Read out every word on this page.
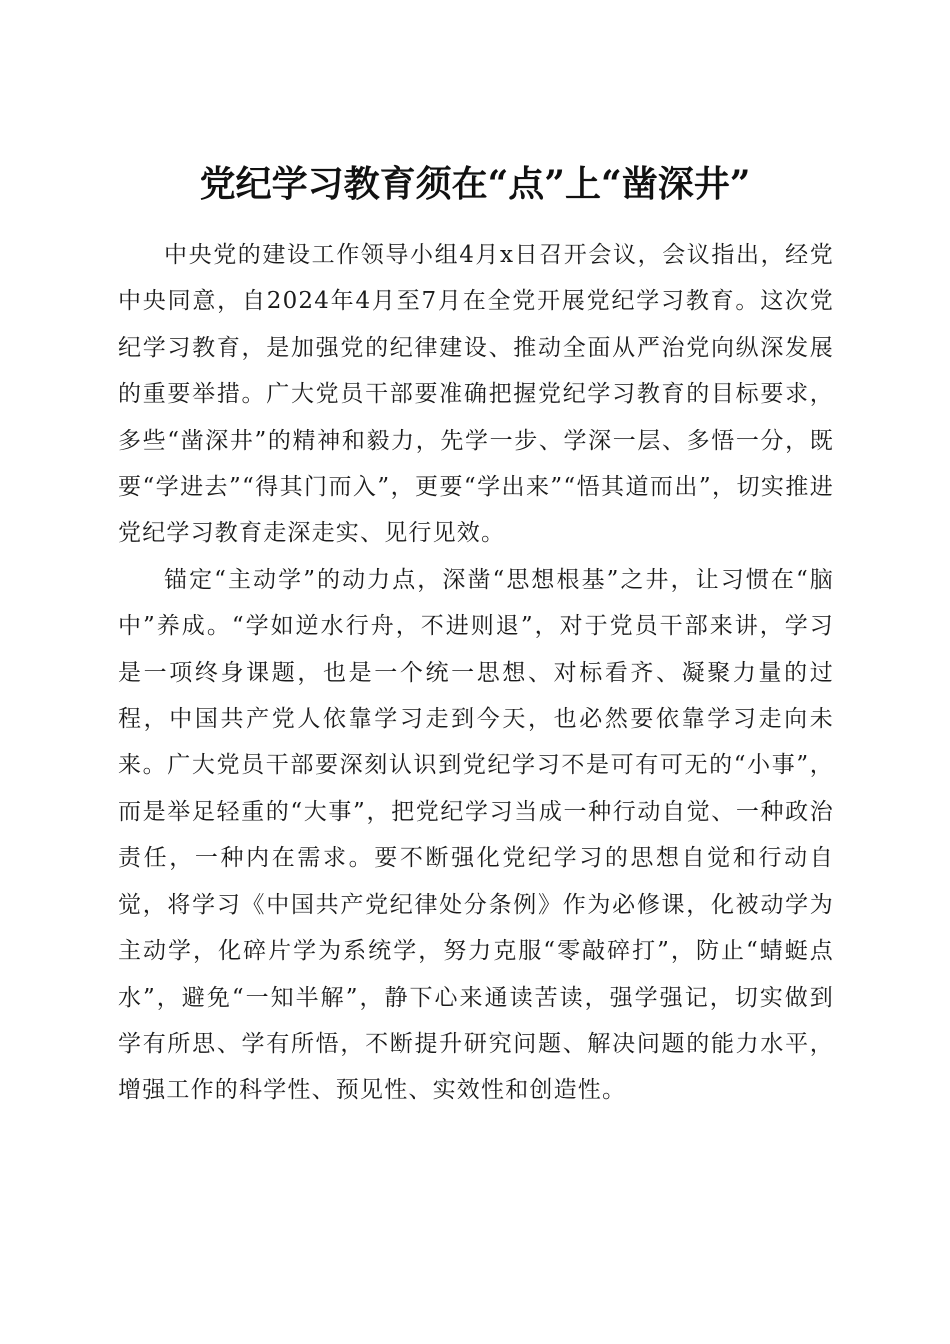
党纪学习教育须在“点”上“凿深井”

中央党的建设工作领导小组4月x日召开会议，会议指出，经党中央同意，自2024年4月至7月在全党开展党纪学习教育。这次党纪学习教育，是加强党的纪律建设、推动全面从严治党向纵深发展的重要举措。广大党员干部要准确把握党纪学习教育的目标要求，多些“凿深井”的精神和毅力，先学一步、学深一层、多悟一分，既要“学进去”“得其门而入”，更要“学出来”“悟其道而出”，切实推进党纪学习教育走深走实、见行见效。

锚定“主动学”的动力点，深凿“思想根基”之井，让习惯在“脑中”养成。“学如逆水行舟，不进则退”，对于党员干部来讲，学习是一项终身课题，也是一个统一思想、对标看齐、凝聚力量的过程，中国共产党人依靠学习走到今天，也必然要依靠学习走向未来。广大党员干部要深刻认识到党纪学习不是可有可无的“小事”，而是举足轻重的“大事”，把党纪学习当成一种行动自觉、一种政治责任，一种内在需求。要不断强化党纪学习的思想自觉和行动自觉，将学习《中国共产党纪律处分条例》作为必修课，化被动学为主动学，化碎片学为系统学，努力克服“零敲碎打”，防止“蜻蜓点水”，避免“一知半解”，静下心来通读苦读，强学强记，切实做到学有所思、学有所悟，不断提升研究问题、解决问题的能力水平，增强工作的科学性、预见性、实效性和创造性。
